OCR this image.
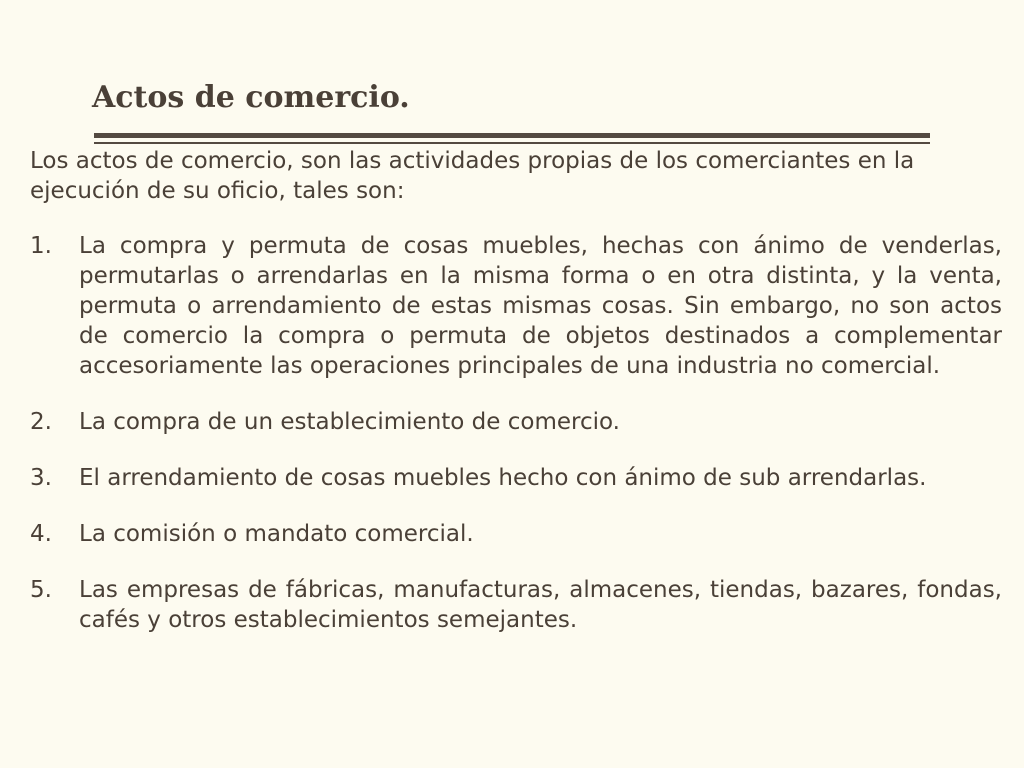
Actos de comercio.

Los actos de comercio, son las actividades propias de los comerciantes en la ejecución de su oficio, tales son:

1. La compra y permuta de cosas muebles, hechas con ánimo de venderlas, permutarlas o arrendarlas en la misma forma o en otra distinta, y la venta, permuta o arrendamiento de estas mismas cosas. Sin embargo, no son actos de comercio la compra o permuta de objetos destinados a complementar accesoriamente las operaciones principales de una industria no comercial.
2. La compra de un establecimiento de comercio.
3. El arrendamiento de cosas muebles hecho con ánimo de sub arrendarlas.
4. La comisión o mandato comercial.
5. Las empresas de fábricas, manufacturas, almacenes, tiendas, bazares, fondas, cafés y otros establecimientos semejantes.
